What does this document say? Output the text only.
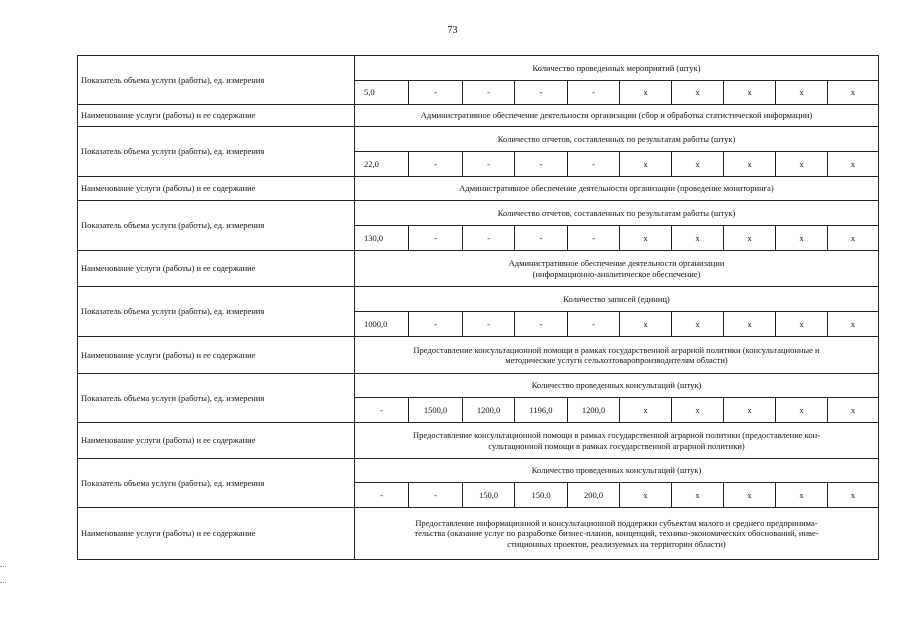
73
Показатель объема услуги (работы), ед. измерения	Количество проведенных мероприятий (штук)									
	5,0	-	-	-	-	x	x	x	x	x
Наименование услуги (работы) и ее содержание	Административное обеспечение деятельности организации (сбор и обработка статистической информации)									
Показатель объема услуги (работы), ед. измерения	Количество отчетов, составленных по результатам работы (штук)									
	22,0	-	-	-	-	x	x	x	x	x
Наименование услуги (работы) и ее содержание	Административное обеспечение деятельности организации (проведение мониторинга)									
Показатель объема услуги (работы), ед. измерения	Количество отчетов, составленных по результатам работы (штук)									
	130,0	-	-	-	-	x	x	x	x	x
Наименование услуги (работы) и ее содержание	Административное обеспечение деятельности организации
(информационно-аналитическое обеспечение)									

Показатель объема услуги (работы), ед. измерения	Количество записей (единиц)									
	1000,0	-	-	-	-	x	x	x	x	x
Наименование услуги (работы) и ее содержание	Предоставление консультационной помощи в рамках государственной аграрной политики (консультационные и
методические услуги сельхозтоваропроизводителям области)									

Показатель объема услуги (работы), ед. измерения	Количество проведенных консультаций (штук)									
	-	1500,0	1200,0	1196,0	1200,0	x	x	x	x	x
Наименование услуги (работы) и ее содержание	Предоставление консультационной помощи в рамках государственной аграрной политики (предоставление кон-
сультационной помощи в рамках государственной аграрной политики)									

Показатель объема услуги (работы), ед. измерения	Количество проведенных консультаций (штук)									
	-	-	150,0	150,0	200,0	x	x	x	x	x
Наименование услуги (работы) и ее содержание	Предоставление информационной и консультационной поддержки субъектам малого и среднего предпринима-
тельства (оказание услуг по разработке бизнес-планов, концепций, технико-экономических обоснований, инве-
стиционных проектов, реализуемых на территории области)									
